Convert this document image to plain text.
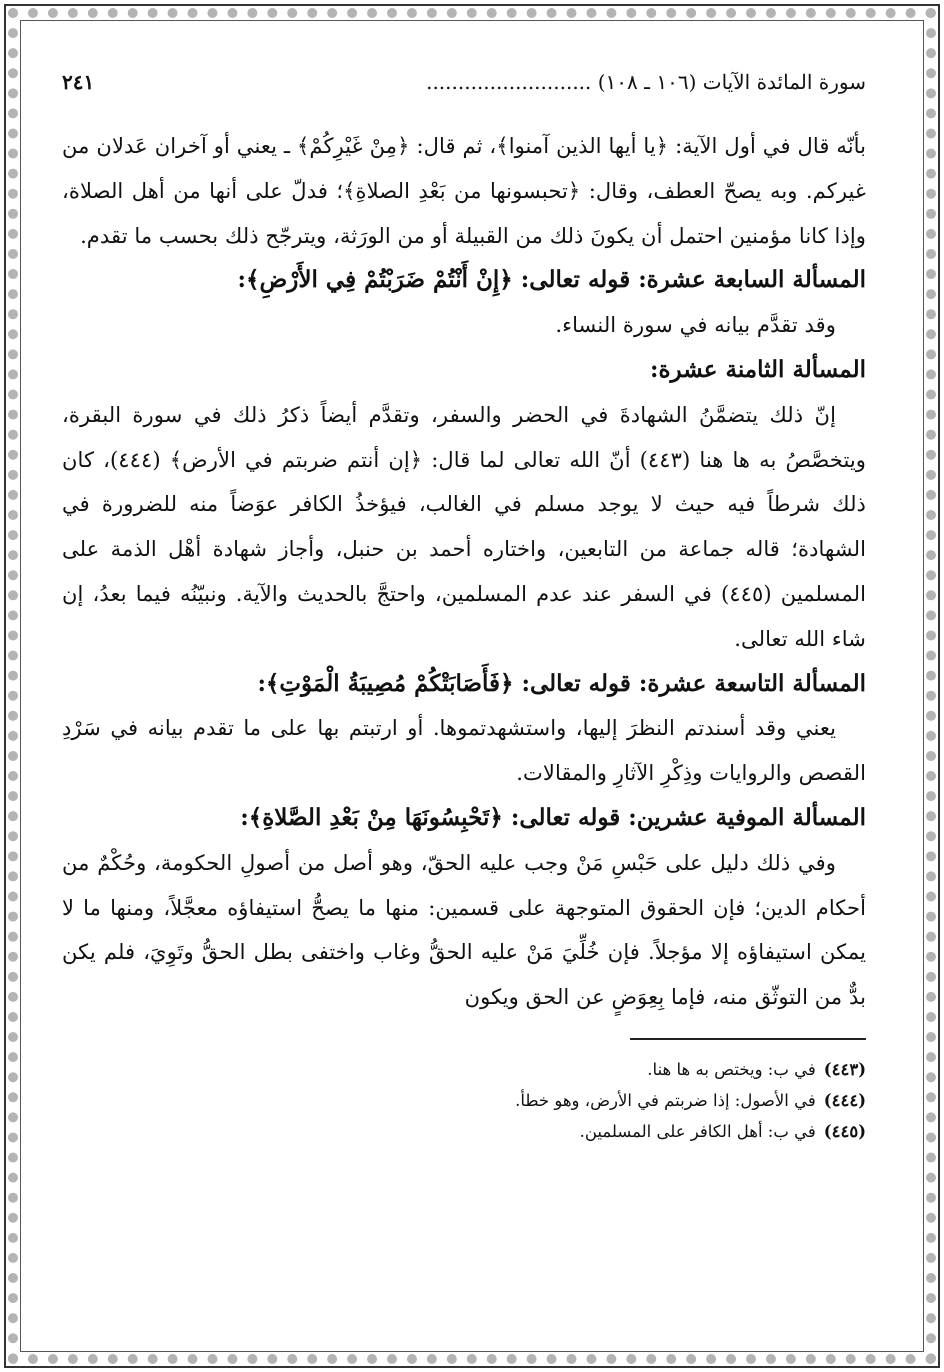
سورة المائدة الآيات (١٠٦ ـ ١٠٨) ..........................
٢٤١

بأنّه قال في أول الآية: ﴿يا أيها الذين آمنوا﴾، ثم قال: ﴿مِنْ غَيْرِكُمْ﴾ ـ يعني أو آخران عَدلان من غيركم. وبه يصحّ العطف، وقال: ﴿تحبسونها من بَعْدِ الصلاةِ﴾؛ فدلّ على أنها من أهل الصلاة، وإذا كانا مؤمنين احتمل أن يكونَ ذلك من القبيلة أو من الورَثة، ويترجّح ذلك بحسب ما تقدم.

المسألة السابعة عشرة: قوله تعالى: ﴿إِنْ أَنْتُمْ ضَرَبْتُمْ فِي الأَرْضِ﴾:

وقد تقدَّم بيانه في سورة النساء.

المسألة الثامنة عشرة:

إنّ ذلك يتضمَّنُ الشهادةَ في الحضر والسفر، وتقدَّم أيضاً ذكرُ ذلك في سورة البقرة، ويتخصَّصُ به ها هنا (٤٤٣) أنّ الله تعالى لما قال: ﴿إن أنتم ضربتم في الأرض﴾ (٤٤٤)، كان ذلك شرطاً فيه حيث لا يوجد مسلم في الغالب، فيؤخذُ الكافر عوَضاً منه للضرورة في الشهادة؛ قاله جماعة من التابعين، واختاره أحمد بن حنبل، وأجاز شهادة أهْل الذمة على المسلمين (٤٤٥) في السفر عند عدم المسلمين، واحتجَّ بالحديث والآية. ونبيّنُه فيما بعدُ، إن شاء الله تعالى.

المسألة التاسعة عشرة: قوله تعالى: ﴿فَأَصَابَتْكُمْ مُصِيبَةُ الْمَوْتِ﴾:

يعني وقد أسندتم النظرَ إليها، واستشهدتموها. أو ارتبتم بها على ما تقدم بيانه في سَرْدِ القصص والروايات وذِكْرِ الآثارِ والمقالات.

المسألة الموفية عشرين: قوله تعالى: ﴿تَحْبِسُونَهَا مِنْ بَعْدِ الصَّلاةِ﴾:

وفي ذلك دليل على حَبْسِ مَنْ وجب عليه الحقّ، وهو أصل من أصولِ الحكومة، وحُكْمٌ من أحكام الدين؛ فإن الحقوق المتوجهة على قسمين: منها ما يصحُّ استيفاؤه معجَّلاً، ومنها ما لا يمكن استيفاؤه إلا مؤجلاً. فإن خُلِّيَ مَنْ عليه الحقُّ وغاب واختفى بطل الحقُّ وتَوِيَ، فلم يكن بدٌّ من التوثّق منه، فإما بِعِوَضٍ عن الحق ويكون

(٤٤٣)في ب: ويختص به ها هنا.
(٤٤٤)في الأصول: إذا ضربتم في الأرض، وهو خطأ.
(٤٤٥)في ب: أهل الكافر على المسلمين.
